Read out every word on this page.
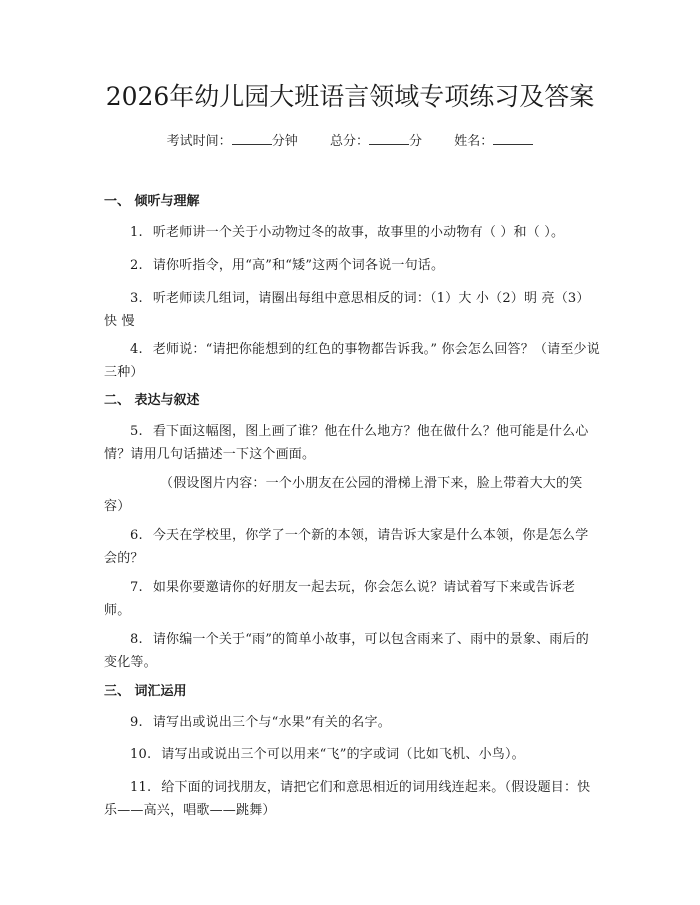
2026年幼儿园大班语言领域专项练习及答案
考试时间：	分钟 总分：	分 姓名：
一、 倾听与理解
1. 听老师讲一个关于小动物过冬的故事，故事里的小动物有（ ）和（ ）。
2. 请你听指令，用“高”和“矮”这两个词各说一句话。
3. 听老师读几组词，请圈出每组中意思相反的词：（1）大 小（2）明 亮（3）快 慢
4. 老师说：“请把你能想到的红色的事物都告诉我。” 你会怎么回答？（请至少说三种）
二、 表达与叙述
5. 看下面这幅图，图上画了谁？他在什么地方？他在做什么？他可能是什么心情？请用几句话描述一下这个画面。
（假设图片内容：一个小朋友在公园的滑梯上滑下来，脸上带着大大的笑容）
6. 今天在学校里，你学了一个新的本领，请告诉大家是什么本领，你是怎么学会的？
7. 如果你要邀请你的好朋友一起去玩，你会怎么说？请试着写下来或告诉老师。
8. 请你编一个关于“雨”的简单小故事，可以包含雨来了、雨中的景象、雨后的变化等。
三、 词汇运用
9. 请写出或说出三个与“水果”有关的名字。
10. 请写出或说出三个可以用来“飞”的字或词（比如飞机、小鸟）。
11. 给下面的词找朋友，请把它们和意思相近的词用线连起来。（假设题目：快乐——高兴，唱歌——跳舞）
